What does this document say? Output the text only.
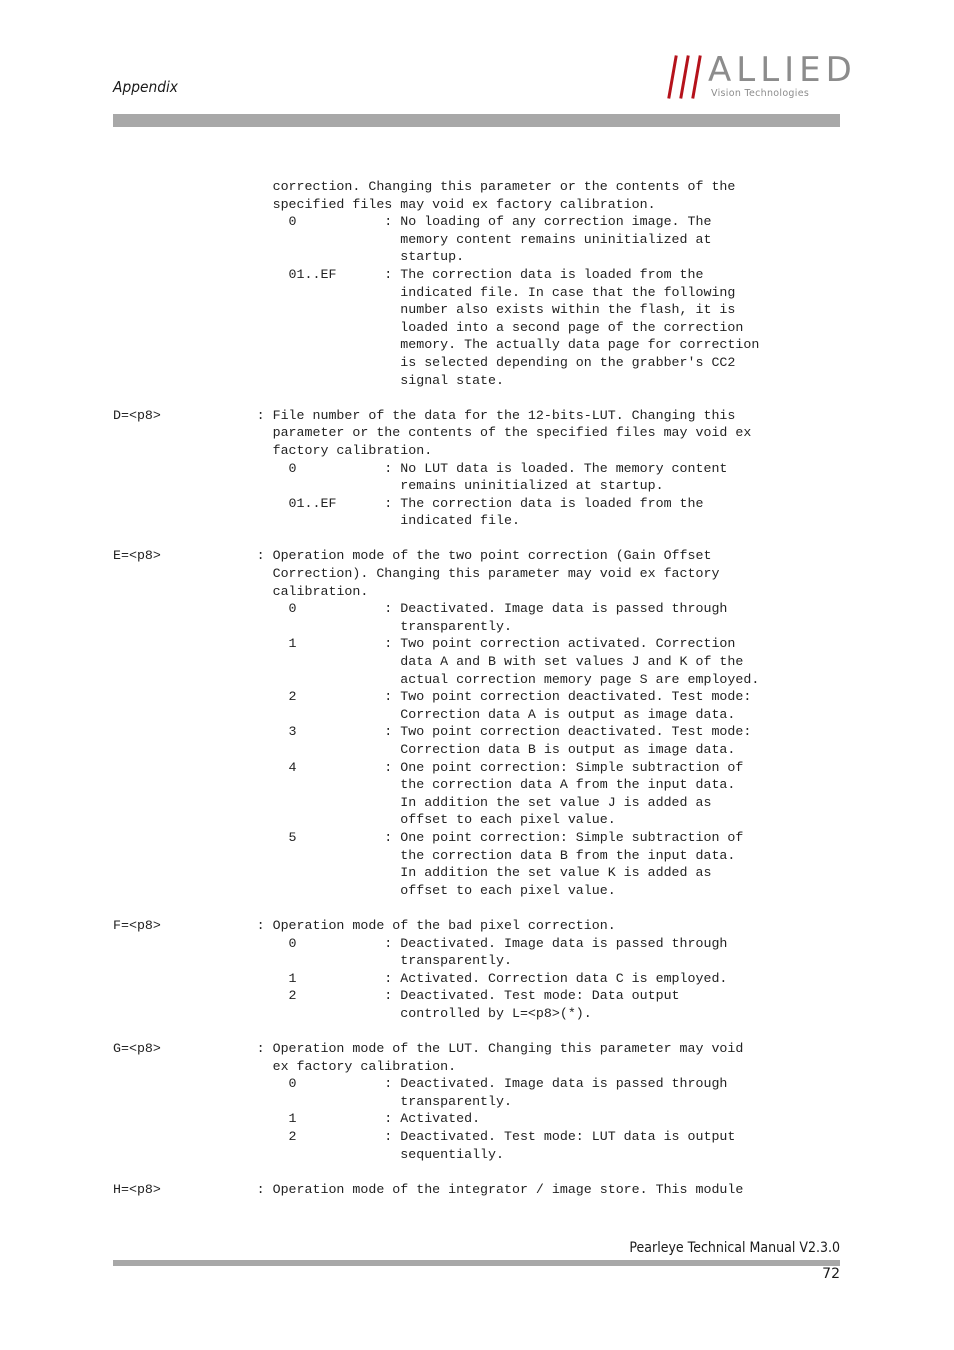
Appendix	ALLIED
Vision Technologies
correction. Changing this parameter or the contents of the
specified files may void ex factory calibration.
0           : No loading of any correction image. The
memory content remains uninitialized at
startup.
01..EF      : The correction data is loaded from the
indicated file. In case that the following
number also exists within the flash, it is
loaded into a second page of the correction
memory. The actually data page for correction
is selected depending on the grabber's CC2
signal state.

D=<p8>            : File number of the data for the 12-bits-LUT. Changing this
parameter or the contents of the specified files may void ex
factory calibration.
0           : No LUT data is loaded. The memory content
remains uninitialized at startup.
01..EF      : The correction data is loaded from the
indicated file.

E=<p8>            : Operation mode of the two point correction (Gain Offset
Correction). Changing this parameter may void ex factory
calibration.
0           : Deactivated. Image data is passed through
transparently.
1           : Two point correction activated. Correction
data A and B with set values J and K of the
actual correction memory page S are employed.
2           : Two point correction deactivated. Test mode:
Correction data A is output as image data.
3           : Two point correction deactivated. Test mode:
Correction data B is output as image data.
4           : One point correction: Simple subtraction of
the correction data A from the input data.
In addition the set value J is added as
offset to each pixel value.
5           : One point correction: Simple subtraction of
the correction data B from the input data.
In addition the set value K is added as
offset to each pixel value.

F=<p8>            : Operation mode of the bad pixel correction.
0           : Deactivated. Image data is passed through
transparently.
1           : Activated. Correction data C is employed.
2           : Deactivated. Test mode: Data output
controlled by L=<p8>(*).

G=<p8>            : Operation mode of the LUT. Changing this parameter may void
ex factory calibration.
0           : Deactivated. Image data is passed through
transparently.
1           : Activated.
2           : Deactivated. Test mode: LUT data is output
sequentially.

H=<p8>            : Operation mode of the integrator / image store. This module
Pearleye Technical Manual V2.3.0
72
